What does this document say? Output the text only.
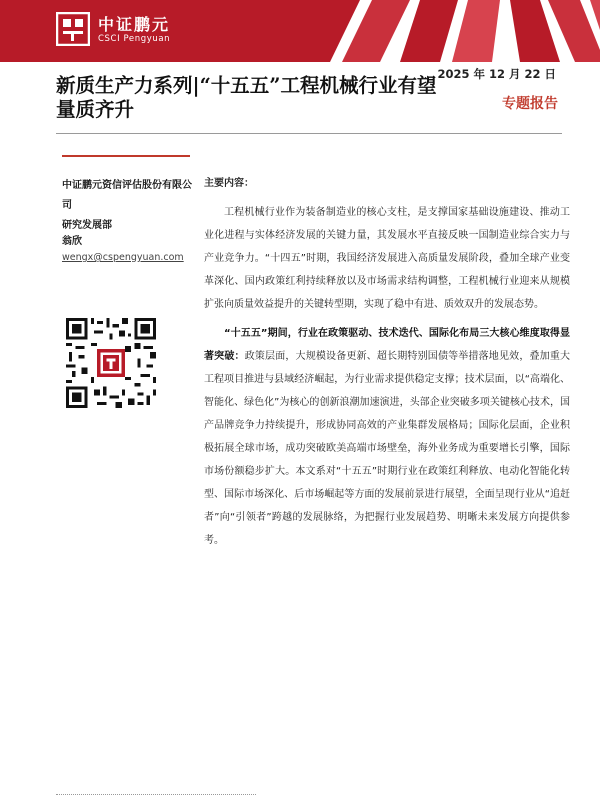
中证鹏元
CSCI Pengyuan
新质生产力系列|“十五五”工程机械行业有望量质齐升
2025 年 12 月 22 日
专题报告
中证鹏元资信评估股份有限公司
研究发展部
翁欣
wengx@cspengyuan.com
主要内容：

工程机械行业作为装备制造业的核心支柱，是支撑国家基础设施建设、推动工业化进程与实体经济发展的关键力量，其发展水平直接反映一国制造业综合实力与产业竞争力。“十四五”时期，我国经济发展进入高质量发展阶段，叠加全球产业变革深化、国内政策红利持续释放以及市场需求结构调整，工程机械行业迎来从规模扩张向质量效益提升的关键转型期，实现了稳中有进、质效双升的发展态势。

“十五五”期间，行业在政策驱动、技术迭代、国际化布局三大核心维度取得显著突破：政策层面，大规模设备更新、超长期特别国债等举措落地见效，叠加重大工程项目推进与县域经济崛起，为行业需求提供稳定支撑；技术层面，以“高端化、智能化、绿色化”为核心的创新浪潮加速演进，头部企业突破多项关键核心技术，国产品牌竞争力持续提升，形成协同高效的产业集群发展格局；国际化层面，企业积极拓展全球市场，成功突破欧美高端市场壁垒，海外业务成为重要增长引擎，国际市场份额稳步扩大。本文系对“十五五”时期行业在政策红利释放、电动化智能化转型、国际市场深化、后市场崛起等方面的发展前景进行展望，全面呈现行业从“追赶者”向“引领者”跨越的发展脉络，为把握行业发展趋势、明晰未来发展方向提供参考。
